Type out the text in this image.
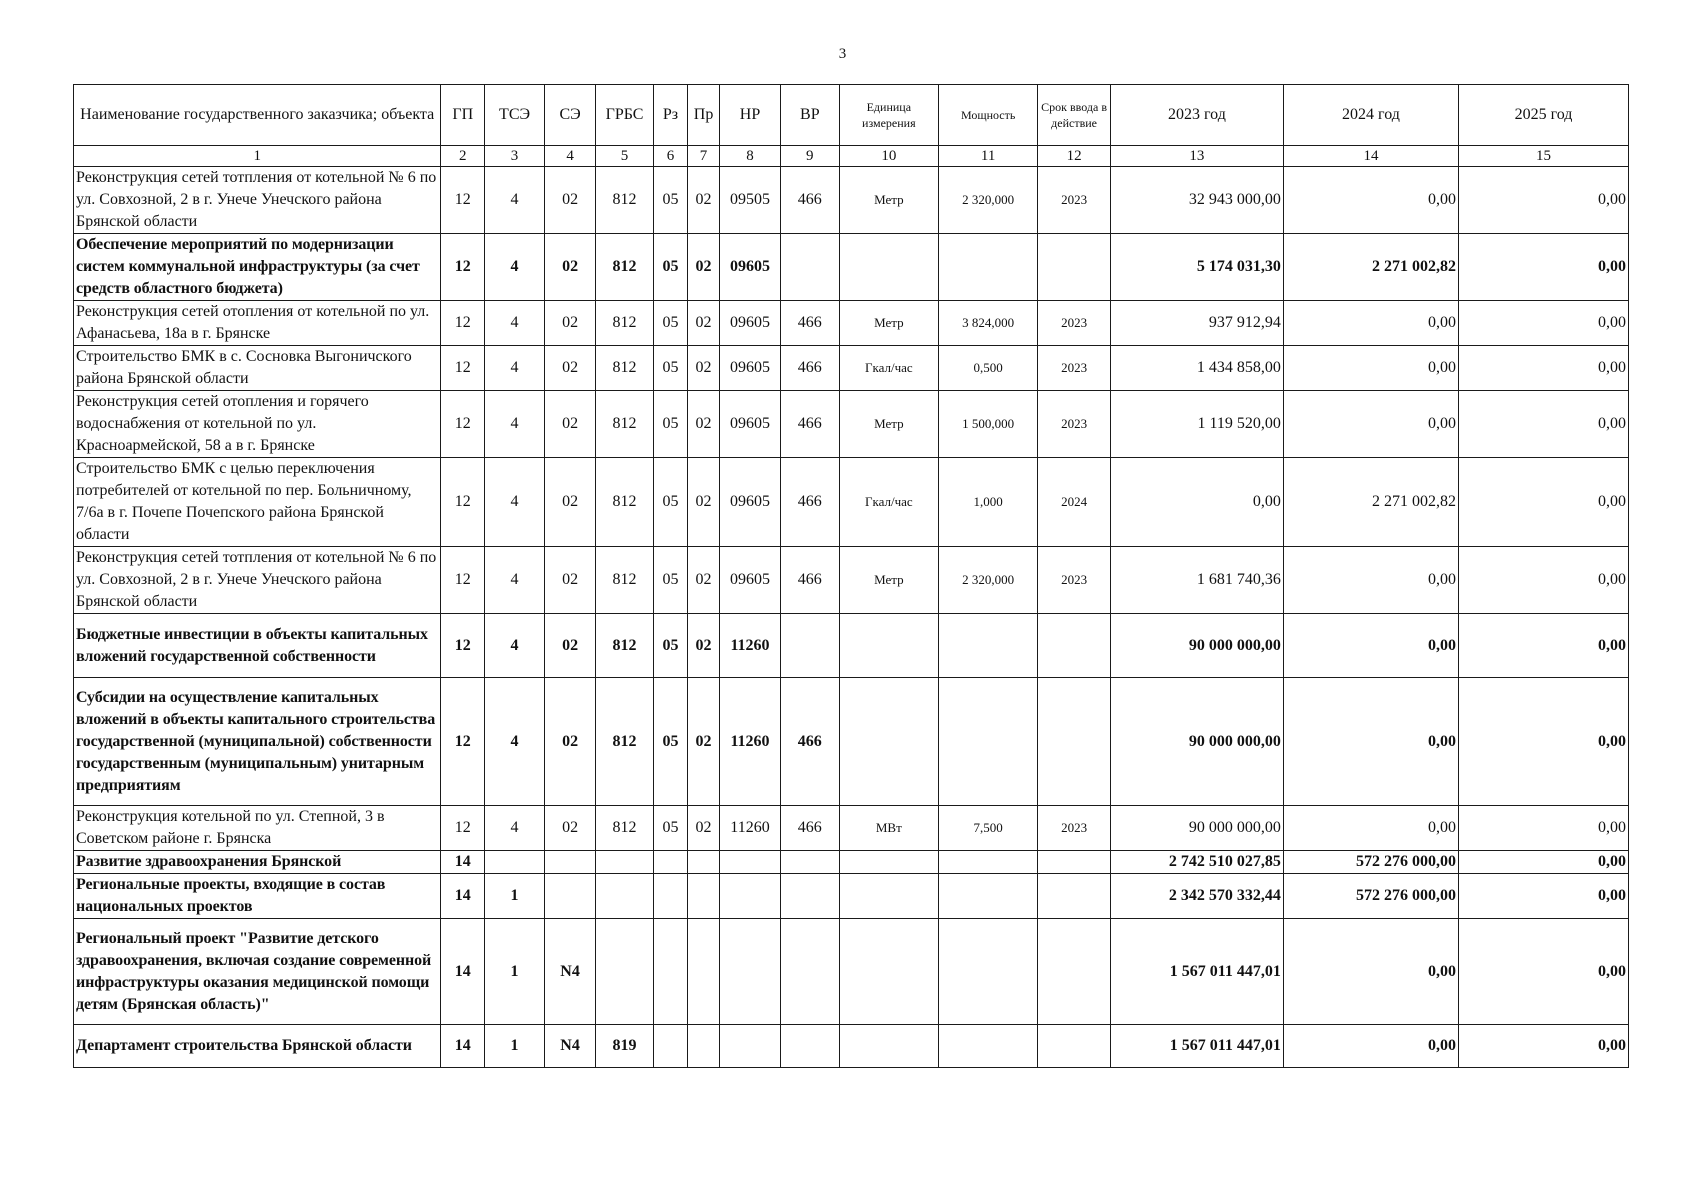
3
Наименование государственного заказчика; объекта	ГП	ТСЭ	СЭ	ГРБС	Рз	Пр	НР	ВР	Единица измерения	Мощность	Срок ввода в действие	2023 год	2024 год	2025 год
1	2	3	4	5	6	7	8	9	10	11	12	13	14	15
Реконструкция сетей тотпления от котельной № 6 по ул. Совхозной, 2 в г. Унече Унечского района Брянской области	12	4	02	812	05	02	09505	466	Метр	2 320,000	2023	32 943 000,00	0,00	0,00
Обеспечение мероприятий по модернизации систем коммунальной инфраструктуры (за счет средств областного бюджета)	12	4	02	812	05	02	09605					5 174 031,30	2 271 002,82	0,00
Реконструкция сетей отопления от котельной по ул. Афанасьева, 18а в г. Брянске	12	4	02	812	05	02	09605	466	Метр	3 824,000	2023	937 912,94	0,00	0,00
Строительство БМК в с. Сосновка Выгоничского района Брянской области	12	4	02	812	05	02	09605	466	Гкал/час	0,500	2023	1 434 858,00	0,00	0,00
Реконструкция сетей отопления и горячего водоснабжения от котельной по ул. Красноармейской, 58 а в г. Брянске	12	4	02	812	05	02	09605	466	Метр	1 500,000	2023	1 119 520,00	0,00	0,00
Строительство БМК с целью переключения потребителей от котельной по пер. Больничному, 7/6а в г. Почепе Почепского района Брянской области	12	4	02	812	05	02	09605	466	Гкал/час	1,000	2024	0,00	2 271 002,82	0,00
Реконструкция сетей тотпления от котельной № 6 по ул. Совхозной, 2 в г. Унече Унечского района Брянской области	12	4	02	812	05	02	09605	466	Метр	2 320,000	2023	1 681 740,36	0,00	0,00
Бюджетные инвестиции в объекты капитальных вложений государственной собственности	12	4	02	812	05	02	11260					90 000 000,00	0,00	0,00
Субсидии на осуществление капитальных вложений в объекты капитального строительства государственной (муниципальной) собственности государственным (муниципальным) унитарным предприятиям	12	4	02	812	05	02	11260	466				90 000 000,00	0,00	0,00
Реконструкция котельной по ул. Степной, 3 в Советском районе г. Брянска	12	4	02	812	05	02	11260	466	МВт	7,500	2023	90 000 000,00	0,00	0,00
Развитие здравоохранения Брянской	14											2 742 510 027,85	572 276 000,00	0,00
Региональные проекты, входящие в состав национальных проектов	14	1										2 342 570 332,44	572 276 000,00	0,00
Региональный проект "Развитие детского здравоохранения, включая создание современной инфраструктуры оказания медицинской помощи детям (Брянская область)"	14	1	N4									1 567 011 447,01	0,00	0,00
Департамент строительства Брянской области	14	1	N4	819								1 567 011 447,01	0,00	0,00
